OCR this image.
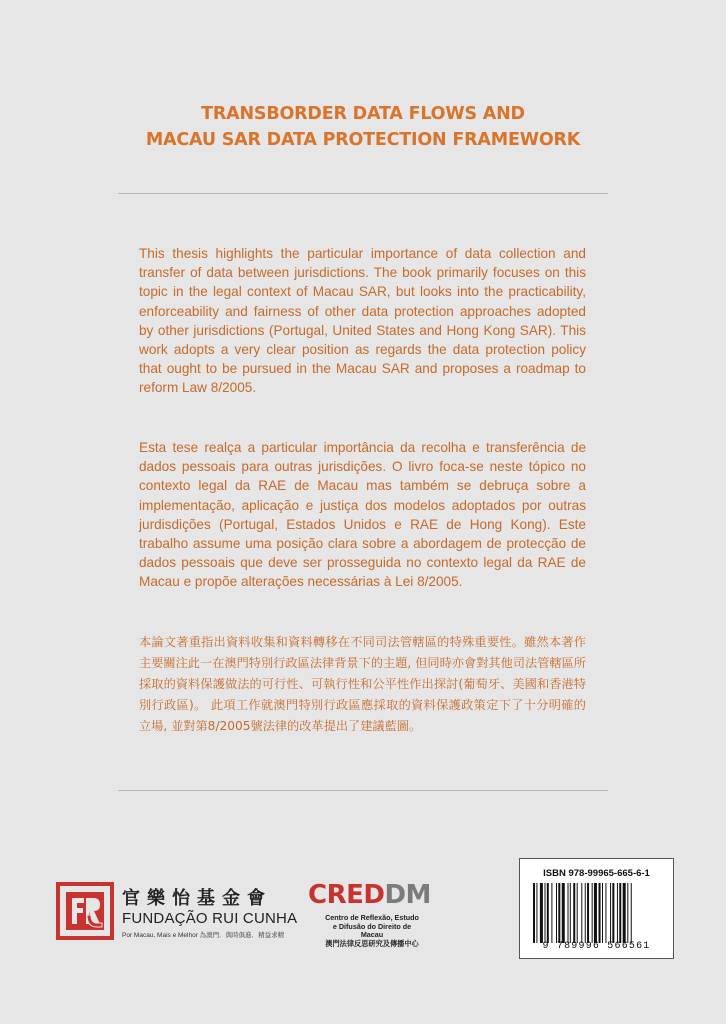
TRANSBORDER DATA FLOWS AND
MACAU SAR DATA PROTECTION FRAMEWORK

This thesis highlights the particular importance of data collection and transfer of data between jurisdictions. The book primarily focuses on this topic in the legal context of Macau SAR, but looks into the practicability, enforceability and fairness of other data protection approaches adopted by other jurisdictions (Portugal, United States and Hong Kong SAR). This work adopts a very clear position as regards the data protection policy that ought to be pursued in the Macau SAR and proposes a roadmap to reform Law 8/2005.

Esta tese realça a particular importância da recolha e transferência de dados pessoais para outras jurisdições. O livro foca-se neste tópico no contexto legal da RAE de Macau mas também se debruça sobre a implementação, aplicação e justiça dos modelos adoptados por outras jurdisdições (Portugal, Estados Unidos e RAE de Hong Kong). Este trabalho assume uma posição clara sobre a abordagem de protecção de dados pessoais que deve ser prosseguida no contexto legal da RAE de Macau e propõe alterações necessárias à Lei 8/2005.

本論文著重指出資料收集和資料轉移在不同司法管轄區的特殊重要性。雖然本著作主要關注此一在澳門特別行政區法律背景下的主題, 但同時亦會對其他司法管轄區所採取的資料保護做法的可行性、可執行性和公平性作出探討(葡萄牙、美國和香港特別行政區)。 此項工作就澳門特別行政區應採取的資料保護政策定下了十分明確的立場, 並對第8/2005號法律的改革提出了建議藍圖。

官樂怡基金會
FUNDAÇÃO RUI CUNHA
Por Macau, Mais e Melhor 為澳門．與時俱進．精益求精
CREDDM
Centro de Reflexão, Estudo
e Difusão do Direito de Macau
澳門法律反思研究及傳播中心
ISBN 978-99965-665-6-1
9 789996 566561
